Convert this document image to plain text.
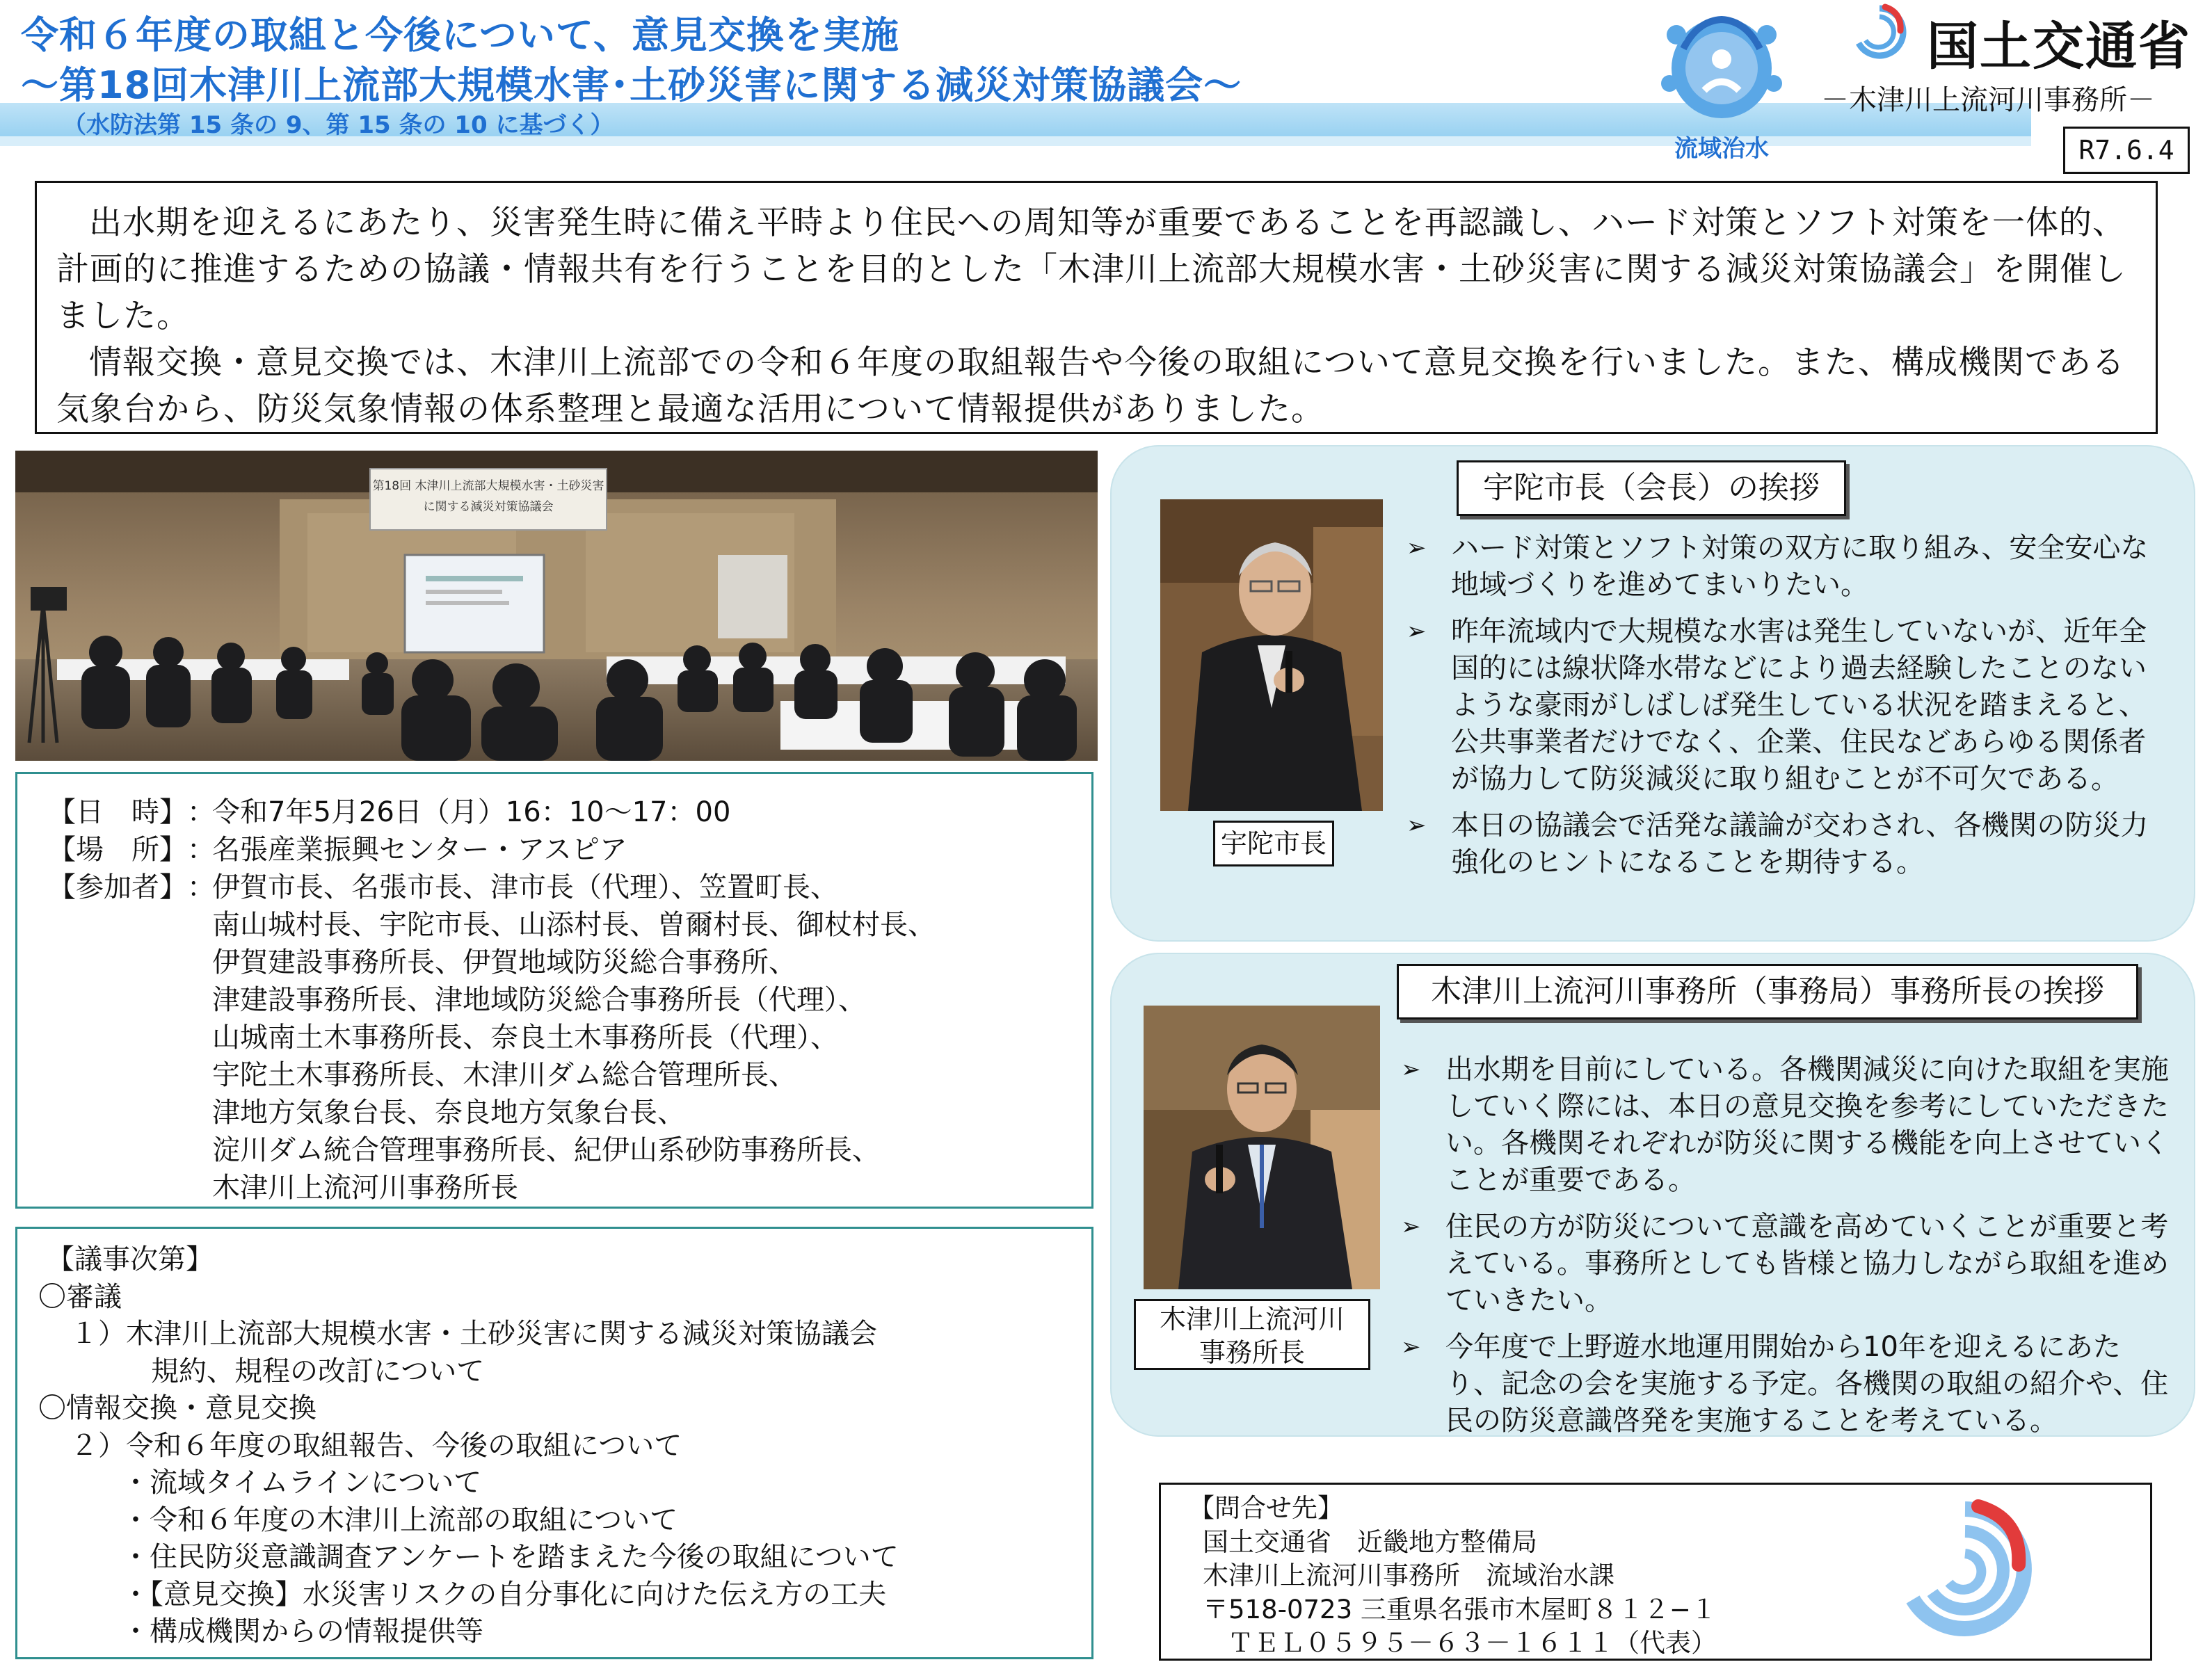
令和６年度の取組と今後について、意見交換を実施
～第18回木津川上流部大規模水害･土砂災害に関する減災対策協議会～
（水防法第 15 条の 9、第 15 条の 10 に基づく）
流域治水
国土交通省
－木津川上流河川事務所－
R7.6.4

出水期を迎えるにあたり、災害発生時に備え平時より住民への周知等が重要であることを再認識し、ハード対策とソフト対策を一体的、計画的に推進するための協議・情報共有を行うことを目的とした「木津川上流部大規模水害・土砂災害に関する減災対策協議会」を開催しました。

情報交換・意見交換では、木津川上流部での令和６年度の取組報告や今後の取組について意見交換を行いました。また、構成機関である気象台から、防災気象情報の体系整理と最適な活用について情報提供がありました。

第18回 木津川上流部大規模水害・土砂災害
に関する減災対策協議会
【日　時】 ：
令和7年5月26日（月）16：10～17：00
【場　所】 ：
名張産業振興センター・アスピア
【参加者】 ：
伊賀市長、名張市長、津市長（代理）、笠置町長、
南山城村長、宇陀市長、山添村長、曽爾村長、御杖村長、
伊賀建設事務所長、伊賀地域防災総合事務所、
津建設事務所長、津地域防災総合事務所長（代理）、
山城南土木事務所長、奈良土木事務所長（代理）、
宇陀土木事務所長、木津川ダム総合管理所長、
津地方気象台長、奈良地方気象台長、
淀川ダム統合管理事務所長、紀伊山系砂防事務所長、
木津川上流河川事務所長
【議事次第】
〇審議
１）木津川上流部大規模水害・土砂災害に関する減災対策協議会
規約、規程の改訂について
〇情報交換・意見交換
２）令和６年度の取組報告、今後の取組について
・流域タイムラインについて
・令和６年度の木津川上流部の取組について
・住民防災意識調査アンケートを踏まえた今後の取組について
・【意見交換】水災害リスクの自分事化に向けた伝え方の工夫
・構成機関からの情報提供等
宇陀市長（会長）の挨拶
宇陀市長
➢ ハード対策とソフト対策の双方に取り組み、安全安心な地域づくりを進めてまいりたい。
➢ 昨年流域内で大規模な水害は発生していないが、近年全国的には線状降水帯などにより過去経験したことのないような豪雨がしばしば発生している状況を踏まえると、公共事業者だけでなく、企業、住民などあらゆる関係者が協力して防災減災に取り組むことが不可欠である。
➢ 本日の協議会で活発な議論が交わされ、各機関の防災力強化のヒントになることを期待する。
木津川上流河川事務所（事務局）事務所長の挨拶
木津川上流河川
事務所長
➢ 出水期を目前にしている。各機関減災に向けた取組を実施していく際には、本日の意見交換を参考にしていただきたい。各機関それぞれが防災に関する機能を向上させていくことが重要である。
➢ 住民の方が防災について意識を高めていくことが重要と考えている。事務所としても皆様と協力しながら取組を進めていきたい。
➢ 今年度で上野遊水地運用開始から10年を迎えるにあたり、記念の会を実施する予定。各機関の取組の紹介や、住民の防災意識啓発を実施することを考えている。
【問合せ先】
国土交通省　近畿地方整備局
木津川上流河川事務所　流域治水課
〒518-0723 三重県名張市木屋町８１２−１
ＴＥＬ０５９５－６３－１６１１（代表）
